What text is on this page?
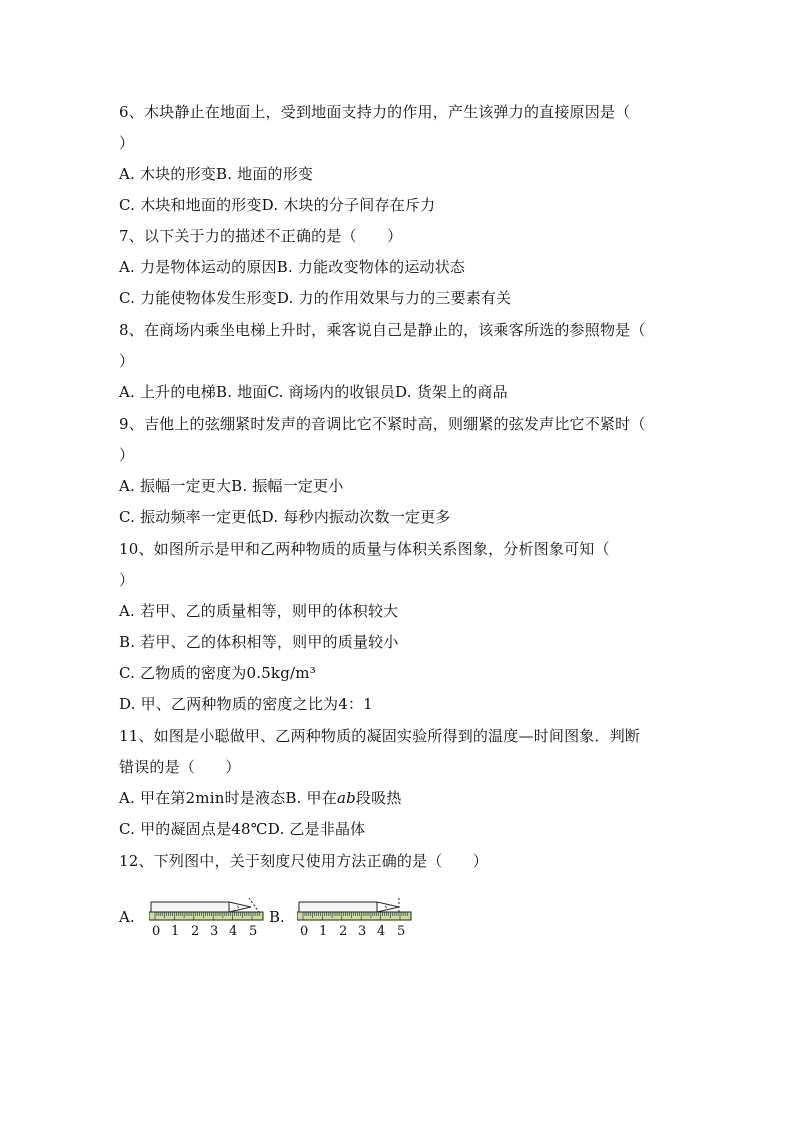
6、木块静止在地面上，受到地面支持力的作用，产生该弹力的直接原因是（
）
A. 木块的形变B. 地面的形变
C. 木块和地面的形变D. 木块的分子间存在斥力
7、以下关于力的描述不正确的是（　　）
A. 力是物体运动的原因B. 力能改变物体的运动状态
C. 力能使物体发生形变D. 力的作用效果与力的三要素有关
8、在商场内乘坐电梯上升时，乘客说自己是静止的，该乘客所选的参照物是（
）
A. 上升的电梯B. 地面C. 商场内的收银员D. 货架上的商品
9、吉他上的弦绷紧时发声的音调比它不紧时高，则绷紧的弦发声比它不紧时（
）
A. 振幅一定更大B. 振幅一定更小
C. 振动频率一定更低D. 每秒内振动次数一定更多
10、如图所示是甲和乙两种物质的质量与体积关系图象，分析图象可知（
）
A. 若甲、乙的质量相等，则甲的体积较大
B. 若甲、乙的体积相等，则甲的质量较小
C. 乙物质的密度为0.5kg/m³
D. 甲、乙两种物质的密度之比为4：1
11、如图是小聪做甲、乙两种物质的凝固实验所得到的温度—时间图象．判断
错误的是（　　）
A. 甲在第2min时是液态B. 甲在ab段吸热
C. 甲的凝固点是48℃D. 乙是非晶体
12、下列图中，关于刻度尺使用方法正确的是（　　）
A.
0 1 2 3 4 5
B.
0 1 2 3 4 5
